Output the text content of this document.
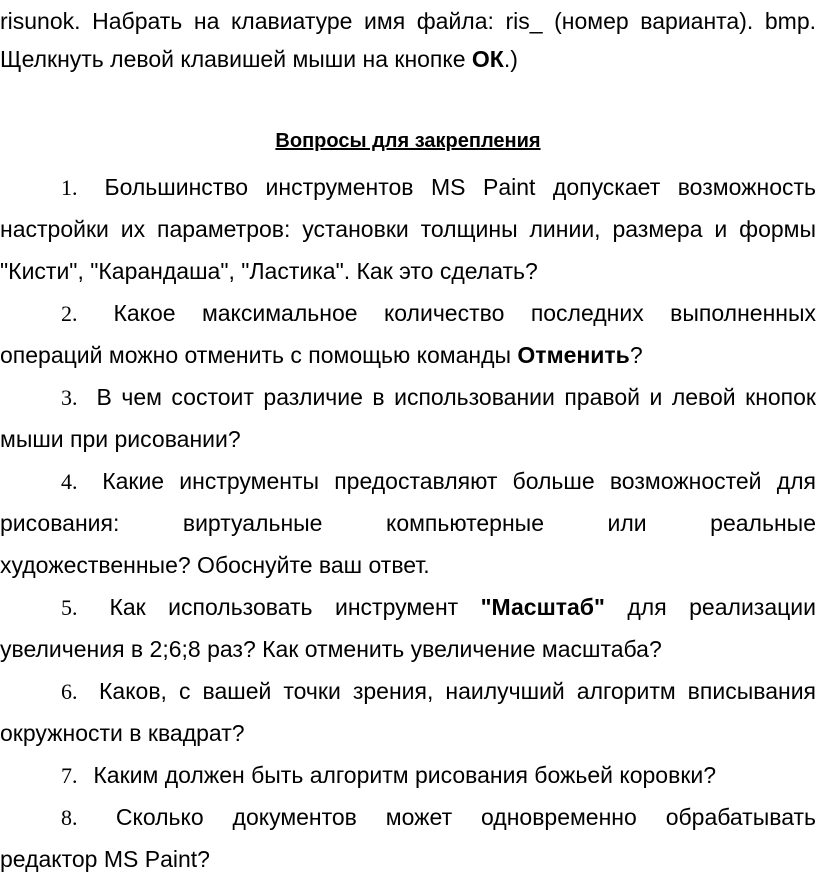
risunok. Набрать на клавиатуре имя файла: ris_ (номер варианта). bmp.
Щелкнуть левой клавишей мыши на кнопке ОК.)
Вопросы для закрепления
1. Большинство инструментов MS Paint допускает возможность
настройки их параметров: установки толщины линии, размера и формы
"Кисти", "Карандаша", "Ластика". Как это сделать?
2. Какое максимальное количество последних выполненных
операций можно отменить с помощью команды Отменить?
3. В чем состоит различие в использовании правой и левой кнопок
мыши при рисовании?
4. Какие инструменты предоставляют больше возможностей для
рисования: виртуальные компьютерные или реальные
художественные? Обоснуйте ваш ответ.
5. Как использовать инструмент "Масштаб" для реализации
увеличения в 2;6;8 раз? Как отменить увеличение масштаба?
6. Каков, с вашей точки зрения, наилучший алгоритм вписывания
окружности в квадрат?
7. Каким должен быть алгоритм рисования божьей коровки?
8. Сколько документов может одновременно обрабатывать
редактор MS Paint?
